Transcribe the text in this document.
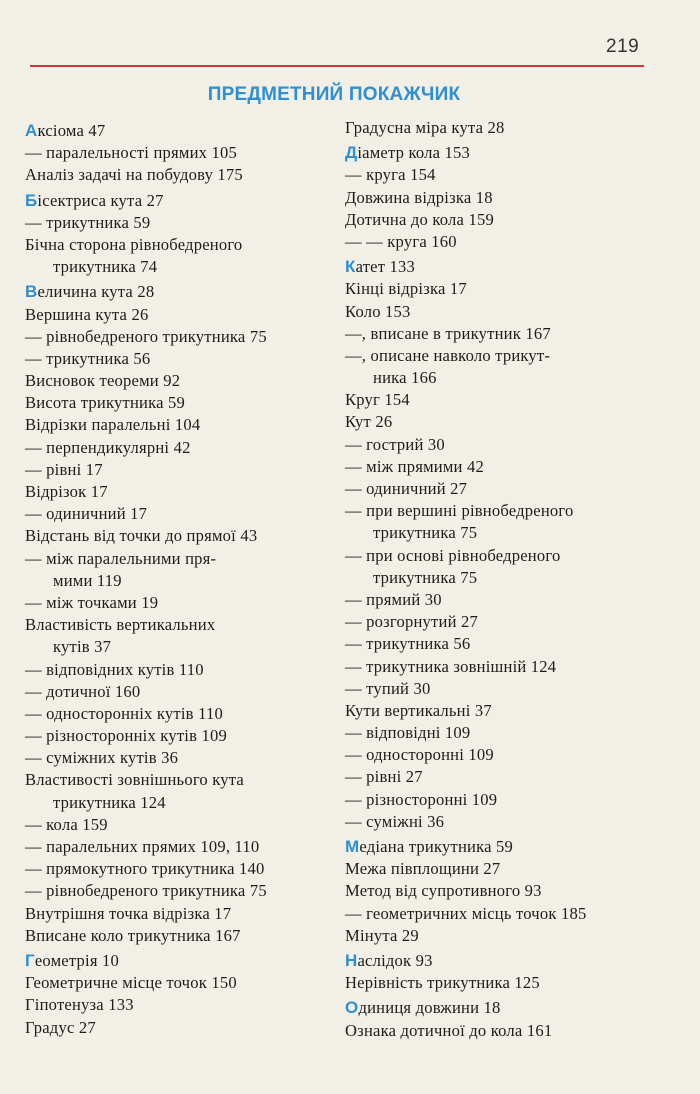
219
ПРЕДМЕТНИЙ ПОКАЖЧИК
Аксіома 47
— паралельності прямих 105
Аналіз задачі на побудову 175
Бісектриса кута 27
— трикутника 59
Бічна сторона рівнобедреного
трикутника 74
Величина кута 28
Вершина кута 26
— рівнобедреного трикутника 75
— трикутника 56
Висновок теореми 92
Висота трикутника 59
Відрізки паралельні 104
— перпендикулярні 42
— рівні 17
Відрізок 17
— одиничний 17
Відстань від точки до прямої 43
— між паралельними пря-
мими 119
— між точками 19
Властивість вертикальних
кутів 37
— відповідних кутів 110
— дотичної 160
— односторонніх кутів 110
— різносторонніх кутів 109
— суміжних кутів 36
Властивості зовнішнього кута
трикутника 124
— кола 159
— паралельних прямих 109, 110
— прямокутного трикутника 140
— рівнобедреного трикутника 75
Внутрішня точка відрізка 17
Вписане коло трикутника 167
Геометрія 10
Геометричне місце точок 150
Гіпотенуза 133
Градус 27
Градусна міра кута 28
Діаметр кола 153
— круга 154
Довжина відрізка 18
Дотична до кола 159
— — круга 160
Катет 133
Кінці відрізка 17
Коло 153
—, вписане в трикутник 167
—, описане навколо трикут-
ника 166
Круг 154
Кут 26
— гострий 30
— між прямими 42
— одиничний 27
— при вершині рівнобедреного
трикутника 75
— при основі рівнобедреного
трикутника 75
— прямий 30
— розгорнутий 27
— трикутника 56
— трикутника зовнішній 124
— тупий 30
Кути вертикальні 37
— відповідні 109
— односторонні 109
— рівні 27
— різносторонні 109
— суміжні 36
Медіана трикутника 59
Межа півплощини 27
Метод від супротивного 93
— геометричних місць точок 185
Мінута 29
Наслідок 93
Нерівність трикутника 125
Одиниця довжини 18
Ознака дотичної до кола 161
